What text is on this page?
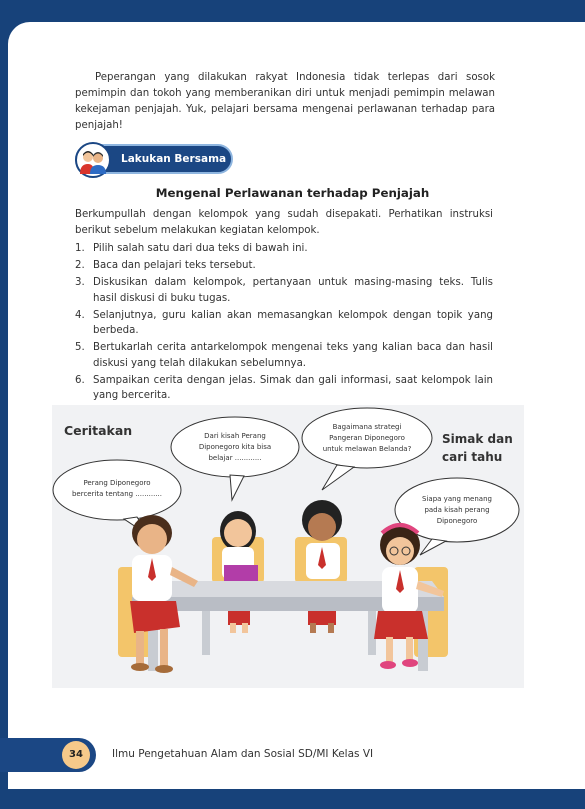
Peperangan yang dilakukan rakyat Indonesia tidak terlepas dari sosok pemimpin dan tokoh yang memberanikan diri untuk menjadi pemimpin melawan kekejaman penjajah. Yuk, pelajari bersama mengenai perlawanan terhadap para penjajah!

Lakukan Bersama
Mengenal Perlawanan terhadap Penjajah

Berkumpullah dengan kelompok yang sudah disepakati. Perhatikan instruksi berikut sebelum melakukan kegiatan kelompok.

1. Pilih salah satu dari dua teks di bawah ini.
2. Baca dan pelajari teks tersebut.
3. Diskusikan dalam kelompok, pertanyaan untuk masing-masing teks. Tulis hasil diskusi di buku tugas.
4. Selanjutnya, guru kalian akan memasangkan kelompok dengan topik yang berbeda.
5. Bertukarlah cerita antarkelompok mengenai teks yang kalian baca dan hasil diskusi yang telah dilakukan sebelumnya.
6. Sampaikan cerita dengan jelas. Simak dan gali informasi, saat kelompok lain yang bercerita.
Ceritakan
Simak dan
cari tahu
Perang Diponegoro
bercerita tentang ............
Dari kisah Perang
Diponegoro kita bisa
belajar ............
Bagaimana strategi
Pangeran Diponegoro
untuk melawan Belanda?
Siapa yang menang
pada kisah perang
Diponegoro
34	Ilmu Pengetahuan Alam dan Sosial SD/MI Kelas VI
